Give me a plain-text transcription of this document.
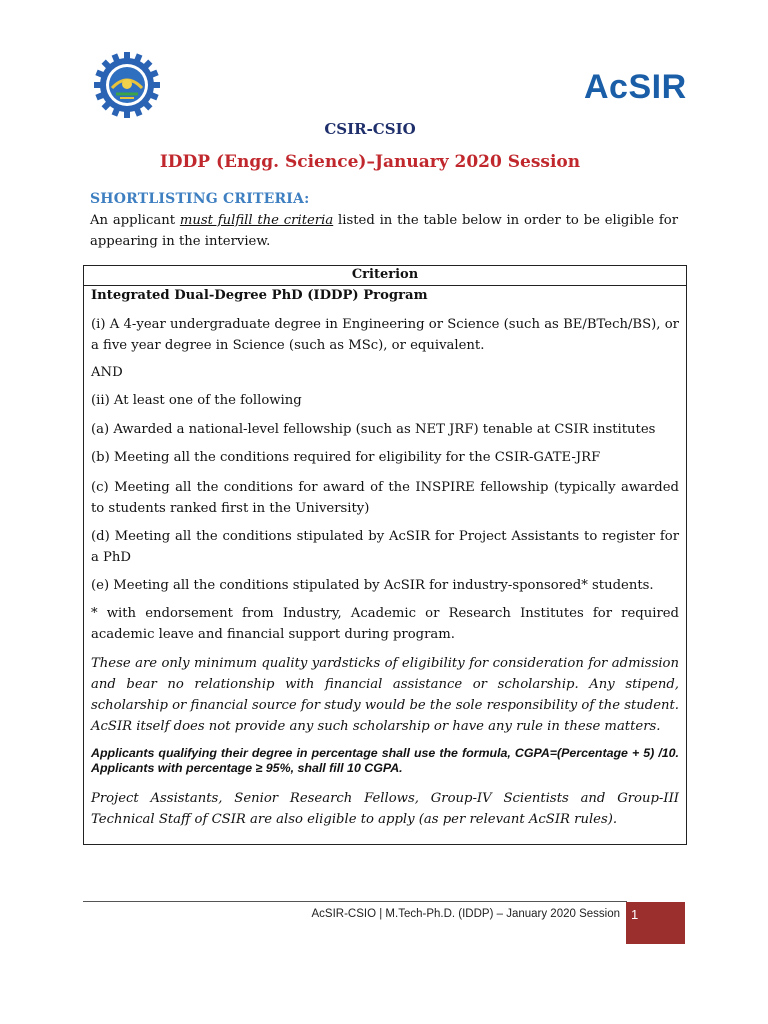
AcSIR
CSIR-CSIO
IDDP (Engg. Science)–January 2020 Session
SHORTLISTING CRITERIA:
An applicant must fulfill the criteria listed in the table below in order to be eligible for appearing in the interview.
Criterion
Integrated Dual-Degree PhD (IDDP) Program
(i) A 4-year undergraduate degree in Engineering or Science (such as BE/BTech/BS), or a five year degree in Science (such as MSc), or equivalent.
AND
(ii) At least one of the following
(a) Awarded a national-level fellowship (such as NET JRF) tenable at CSIR institutes
(b) Meeting all the conditions required for eligibility for the CSIR-GATE-JRF
(c) Meeting all the conditions for award of the INSPIRE fellowship (typically awarded to students ranked first in the University)
(d) Meeting all the conditions stipulated by AcSIR for Project Assistants to register for a PhD
(e) Meeting all the conditions stipulated by AcSIR for industry-sponsored* students.
* with endorsement from Industry, Academic or Research Institutes for required academic leave and financial support during program.
These are only minimum quality yardsticks of eligibility for consideration for admission and bear no relationship with financial assistance or scholarship. Any stipend, scholarship or financial source for study would be the sole responsibility of the student. AcSIR itself does not provide any such scholarship or have any rule in these matters.
Applicants qualifying their degree in percentage shall use the formula, CGPA=(Percentage + 5) /10. Applicants with percentage ≥ 95%, shall fill 10 CGPA.
Project Assistants, Senior Research Fellows, Group-IV Scientists and Group-III Technical Staff of CSIR are also eligible to apply (as per relevant AcSIR rules).
AcSIR-CSIO | M.Tech-Ph.D. (IDDP) – January 2020 Session 1
